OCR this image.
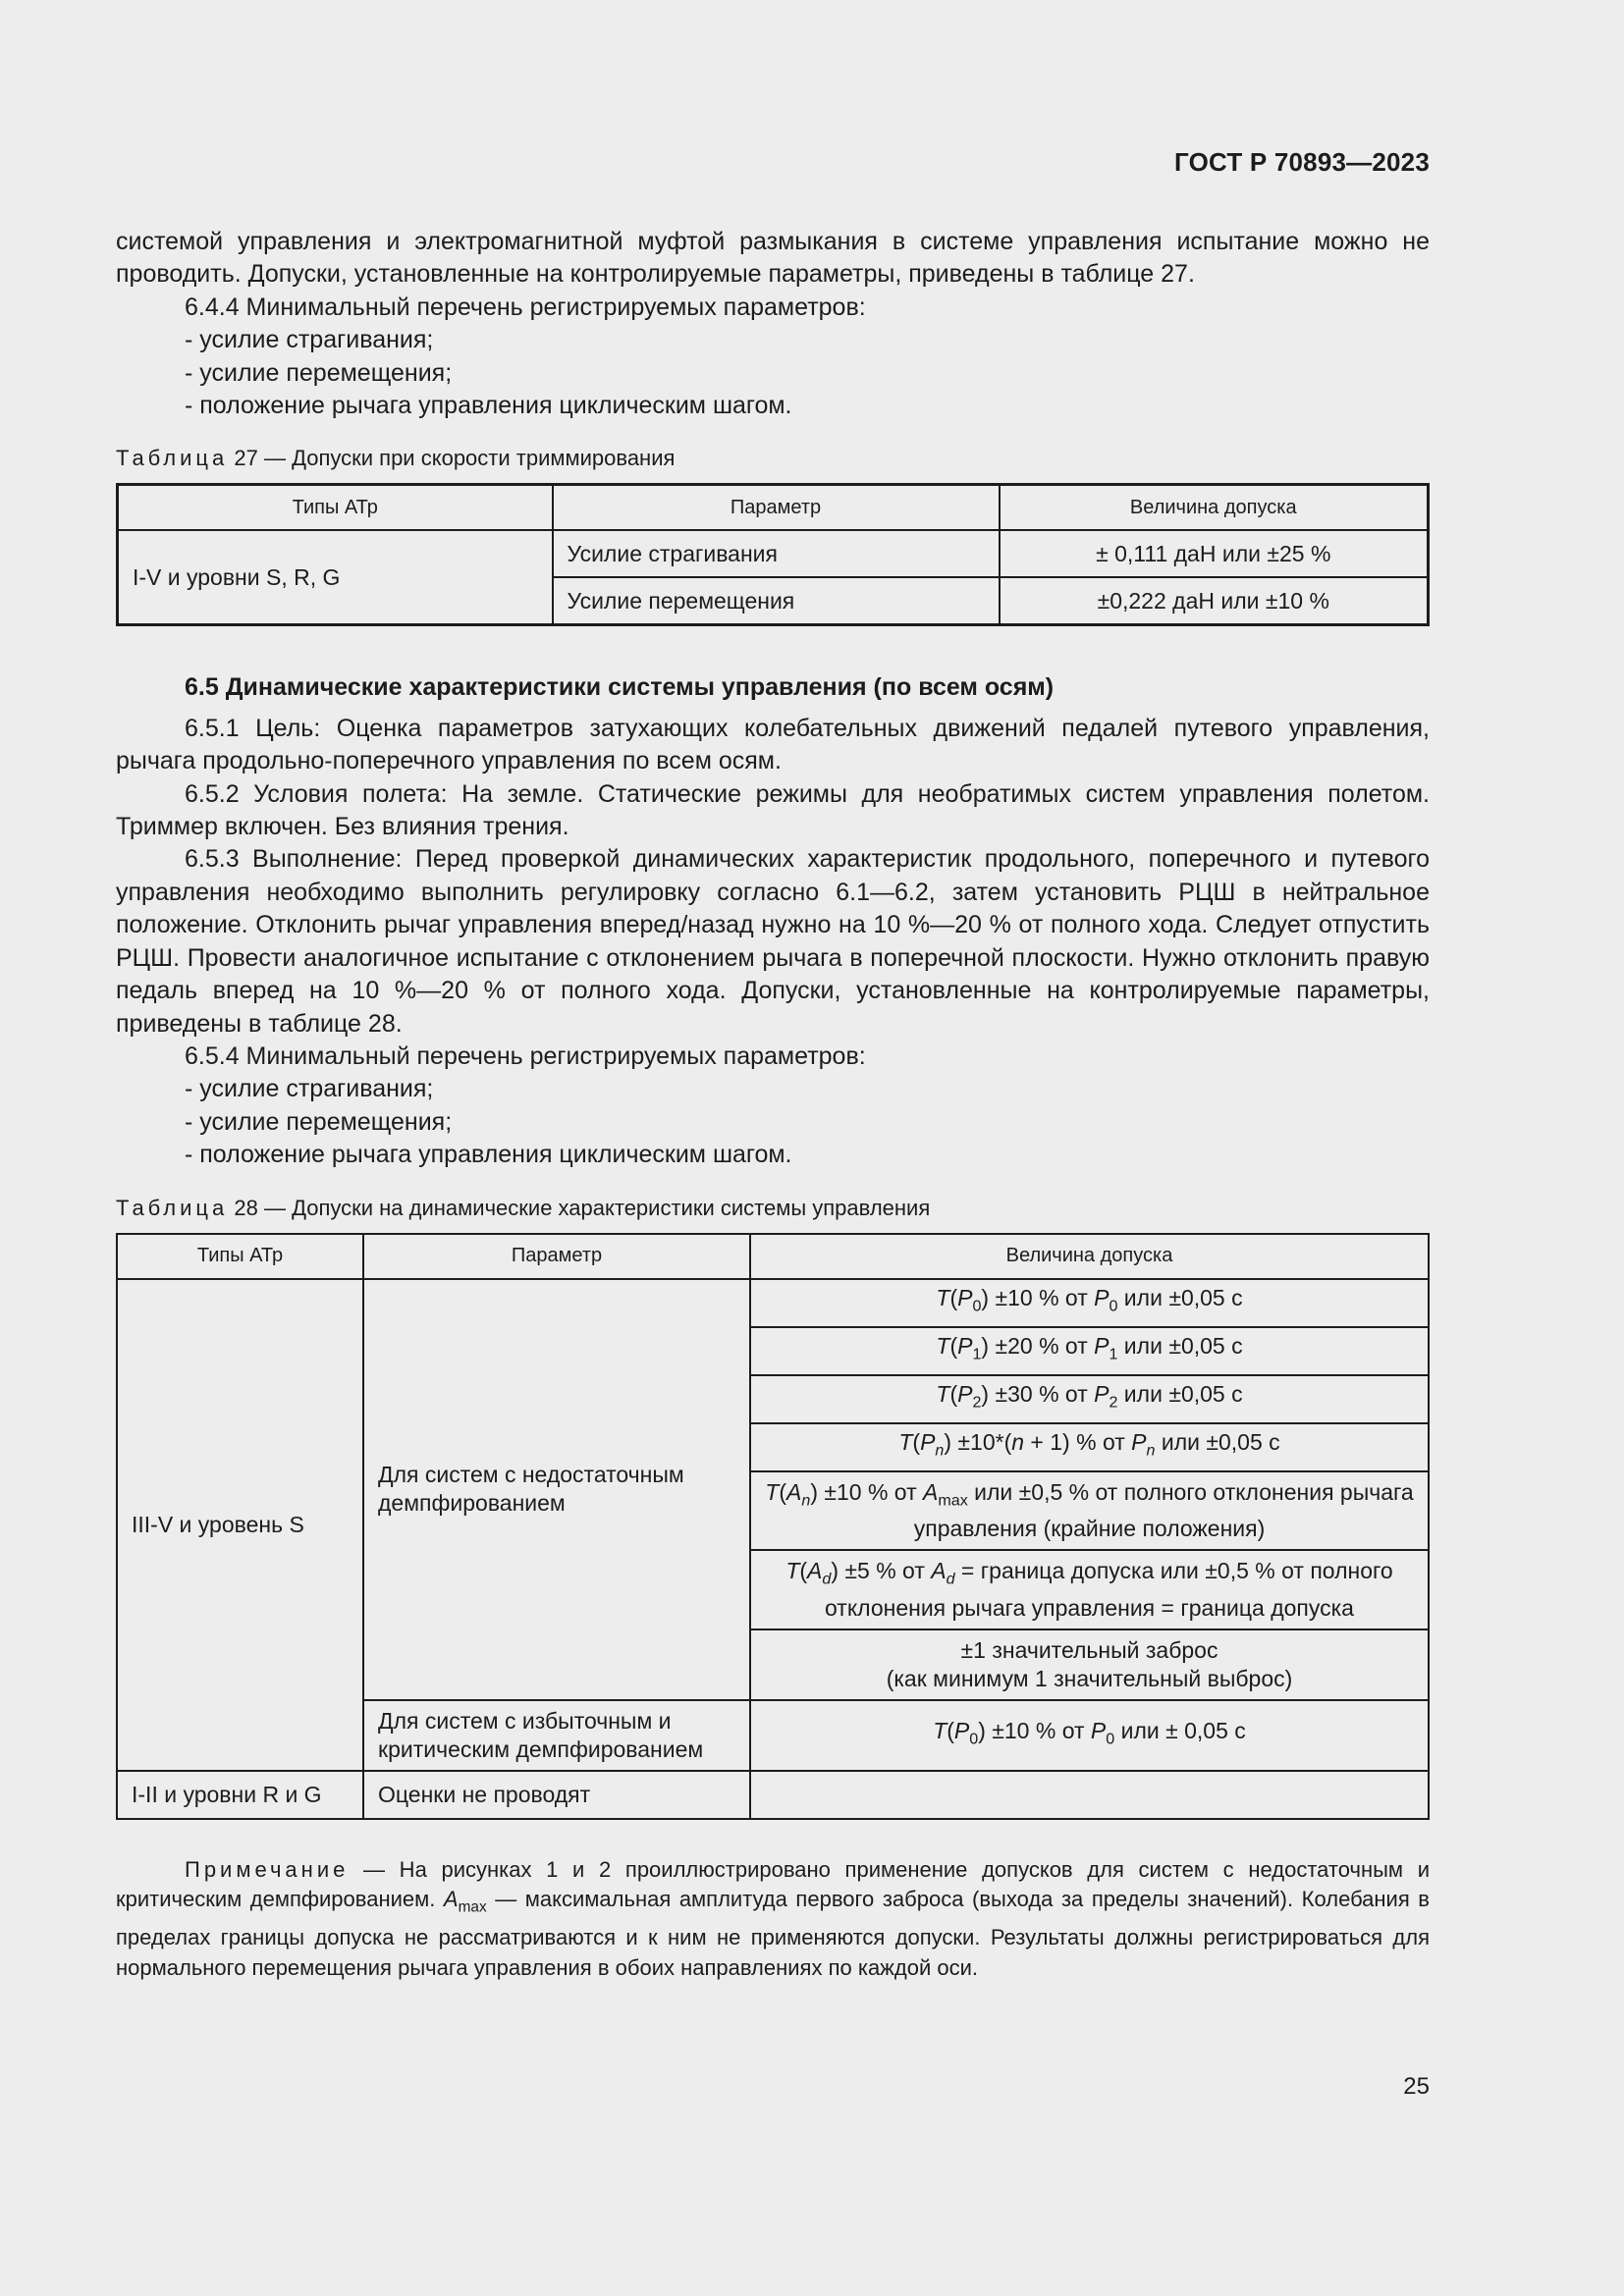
ГОСТ Р 70893—2023

системой управления и электромагнитной муфтой размыкания в системе управления испытание можно не проводить. Допуски, установленные на контролируемые параметры, приведены в таблице 27.

6.4.4 Минимальный перечень регистрируемых параметров:

- усилие страгивания;

- усилие перемещения;

- положение рычага управления циклическим шагом.

Таблица 27 — Допуски при скорости триммирования
Типы АТр	Параметр	Величина допуска
I-V и уровни S, R, G	Усилие страгивания	± 0,111 даН или ±25 %
	Усилие перемещения	±0,222 даН или ±10 %

6.5 Динамические характеристики системы управления (по всем осям)

6.5.1 Цель: Оценка параметров затухающих колебательных движений педалей путевого управления, рычага продольно-поперечного управления по всем осям.

6.5.2 Условия полета: На земле. Статические режимы для необратимых систем управления полетом. Триммер включен. Без влияния трения.

6.5.3 Выполнение: Перед проверкой динамических характеристик продольного, поперечного и путевого управления необходимо выполнить регулировку согласно 6.1—6.2, затем установить РЦШ в нейтральное положение. Отклонить рычаг управления вперед/назад нужно на 10 %—20 % от полного хода. Следует отпустить РЦШ. Провести аналогичное испытание с отклонением рычага в поперечной плоскости. Нужно отклонить правую педаль вперед на 10 %—20 % от полного хода. Допуски, установленные на контролируемые параметры, приведены в таблице 28.

6.5.4 Минимальный перечень регистрируемых параметров:

- усилие страгивания;

- усилие перемещения;

- положение рычага управления циклическим шагом.

Таблица 28 — Допуски на динамические характеристики системы управления
Типы АТр	Параметр	Величина допуска
III-V и уровень S	Для систем с недостаточным демпфированием	$T(P_0) \pm 10$ % от $P_0$ или ±0,05 с
		$T(P_1) \pm 20$ % от $P_1$ или ±0,05 с
		$T(P_2) \pm 30$ % от $P_2$ или ±0,05 с
		$T(P_n) \pm 10*(n + 1)$ % от $P_n$ или ±0,05 с
		$T(A_n) \pm 10$ % от $A_{max}$ или ±0,5 % от полного отклонения рычага управления (крайние положения)
		$T(A_d) \pm 5$ % от $A_d$ = граница допуска или ±0,5 % от полного отклонения рычага управления = граница допуска
		±1 значительный заброс
(как минимум 1 значительный выброс)
	Для систем с избыточным и критическим демпфированием	$T(P_0) \pm 10$ % от $P_0$ или ± 0,05 с
I-II и уровни R и G	Оценки не проводят	

Примечание — На рисунках 1 и 2 проиллюстрировано применение допусков для систем с недостаточным и критическим демпфированием. $A_{max}$ — максимальная амплитуда первого заброса (выхода за пределы значений). Колебания в пределах границы допуска не рассматриваются и к ним не применяются допуски. Результаты должны регистрироваться для нормального перемещения рычага управления в обоих направлениях по каждой оси.

25
